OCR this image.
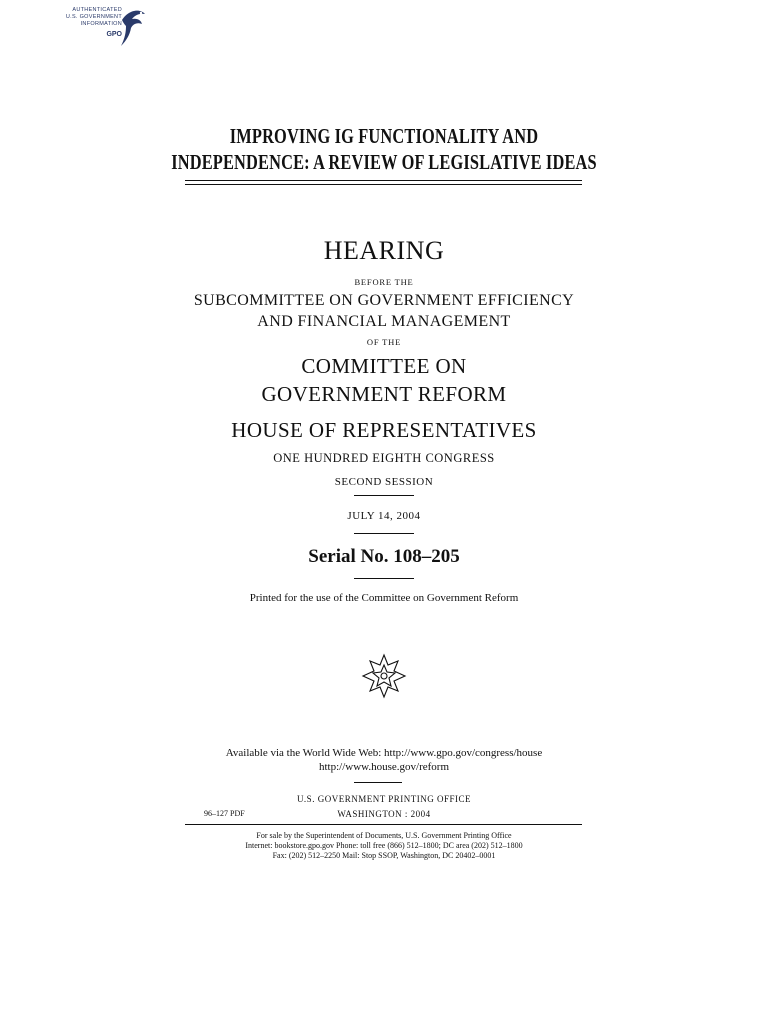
AUTHENTICATED
U.S. GOVERNMENT
INFORMATION
GPO
IMPROVING IG FUNCTIONALITY AND
INDEPENDENCE: A REVIEW OF LEGISLATIVE IDEAS
HEARING
BEFORE THE
SUBCOMMITTEE ON GOVERNMENT EFFICIENCY
AND FINANCIAL MANAGEMENT
OF THE
COMMITTEE ON
GOVERNMENT REFORM
HOUSE OF REPRESENTATIVES
ONE HUNDRED EIGHTH CONGRESS
SECOND SESSION
JULY 14, 2004
Serial No. 108–205
Printed for the use of the Committee on Government Reform
Available via the World Wide Web: http://www.gpo.gov/congress/house
http://www.house.gov/reform
U.S. GOVERNMENT PRINTING OFFICE
96–127 PDF	WASHINGTON : 2004
For sale by the Superintendent of Documents, U.S. Government Printing Office
Internet: bookstore.gpo.gov Phone: toll free (866) 512–1800; DC area (202) 512–1800
Fax: (202) 512–2250 Mail: Stop SSOP, Washington, DC 20402–0001
